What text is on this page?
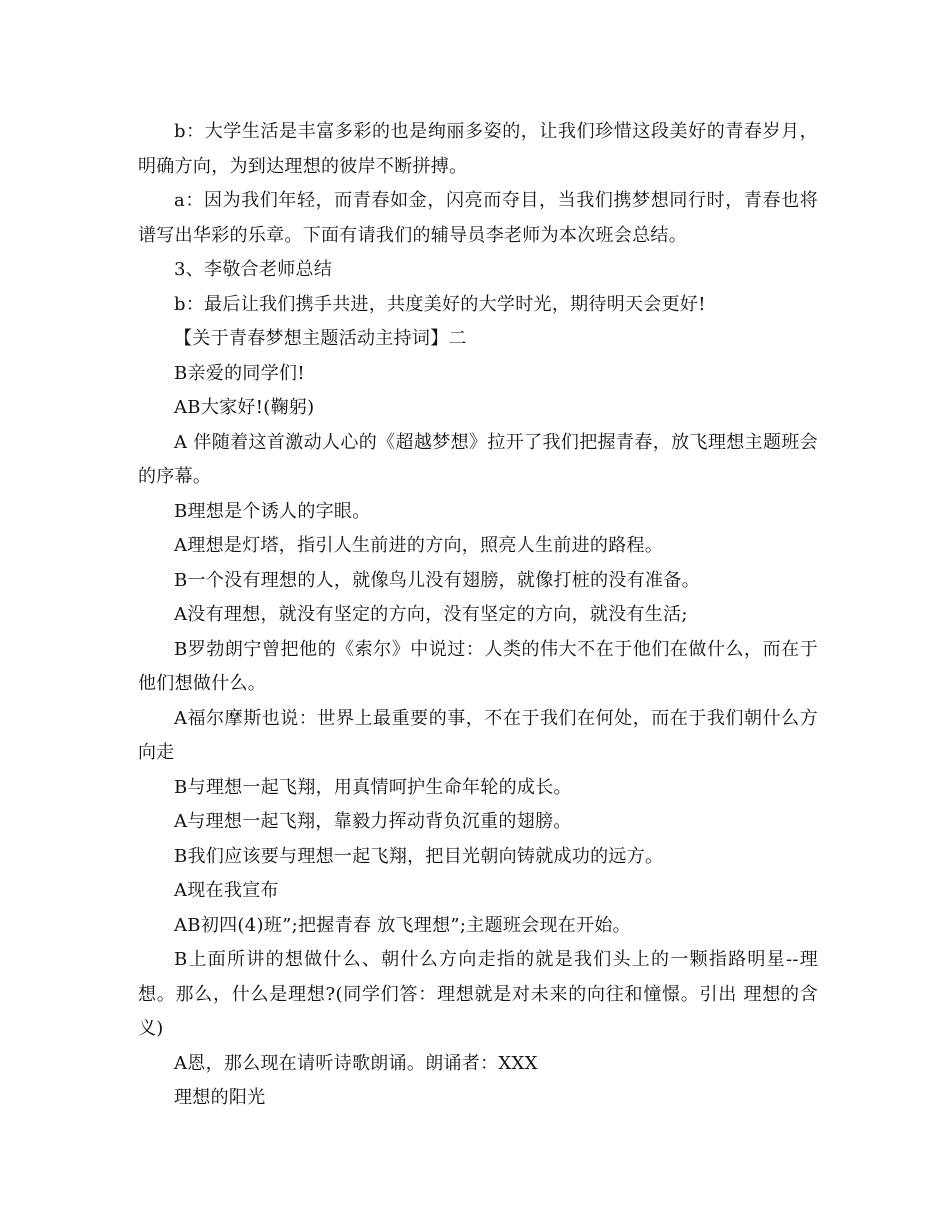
b：大学生活是丰富多彩的也是绚丽多姿的，让我们珍惜这段美好的青春岁月，明确方向，为到达理想的彼岸不断拼搏。

a：因为我们年轻，而青春如金，闪亮而夺目，当我们携梦想同行时，青春也将谱写出华彩的乐章。下面有请我们的辅导员李老师为本次班会总结。

3、李敬合老师总结

b：最后让我们携手共进，共度美好的大学时光，期待明天会更好!

【关于青春梦想主题活动主持词】二

B亲爱的同学们!

AB大家好!(鞠躬)

A 伴随着这首激动人心的《超越梦想》拉开了我们把握青春，放飞理想主题班会 的序幕。

B理想是个诱人的字眼。

A理想是灯塔，指引人生前进的方向，照亮人生前进的路程。

B一个没有理想的人，就像鸟儿没有翅膀，就像打桩的没有准备。

A没有理想，就没有坚定的方向，没有坚定的方向，就没有生活;

B罗勃朗宁曾把他的《索尔》中说过：人类的伟大不在于他们在做什么，而在于他们想做什么。

A福尔摩斯也说：世界上最重要的事，不在于我们在何处，而在于我们朝什么方向走

B与理想一起飞翔，用真情呵护生命年轮的成长。

A与理想一起飞翔，靠毅力挥动背负沉重的翅膀。

B我们应该要与理想一起飞翔，把目光朝向铸就成功的远方。

A现在我宣布

AB初四(4)班”;把握青春 放飞理想”;主题班会现在开始。

B上面所讲的想做什么、朝什么方向走指的就是我们头上的一颗指路明星--理想。那么，什么是理想?(同学们答：理想就是对未来的向往和憧憬。引出 理想的含义)

A恩，那么现在请听诗歌朗诵。朗诵者：XXX

理想的阳光
